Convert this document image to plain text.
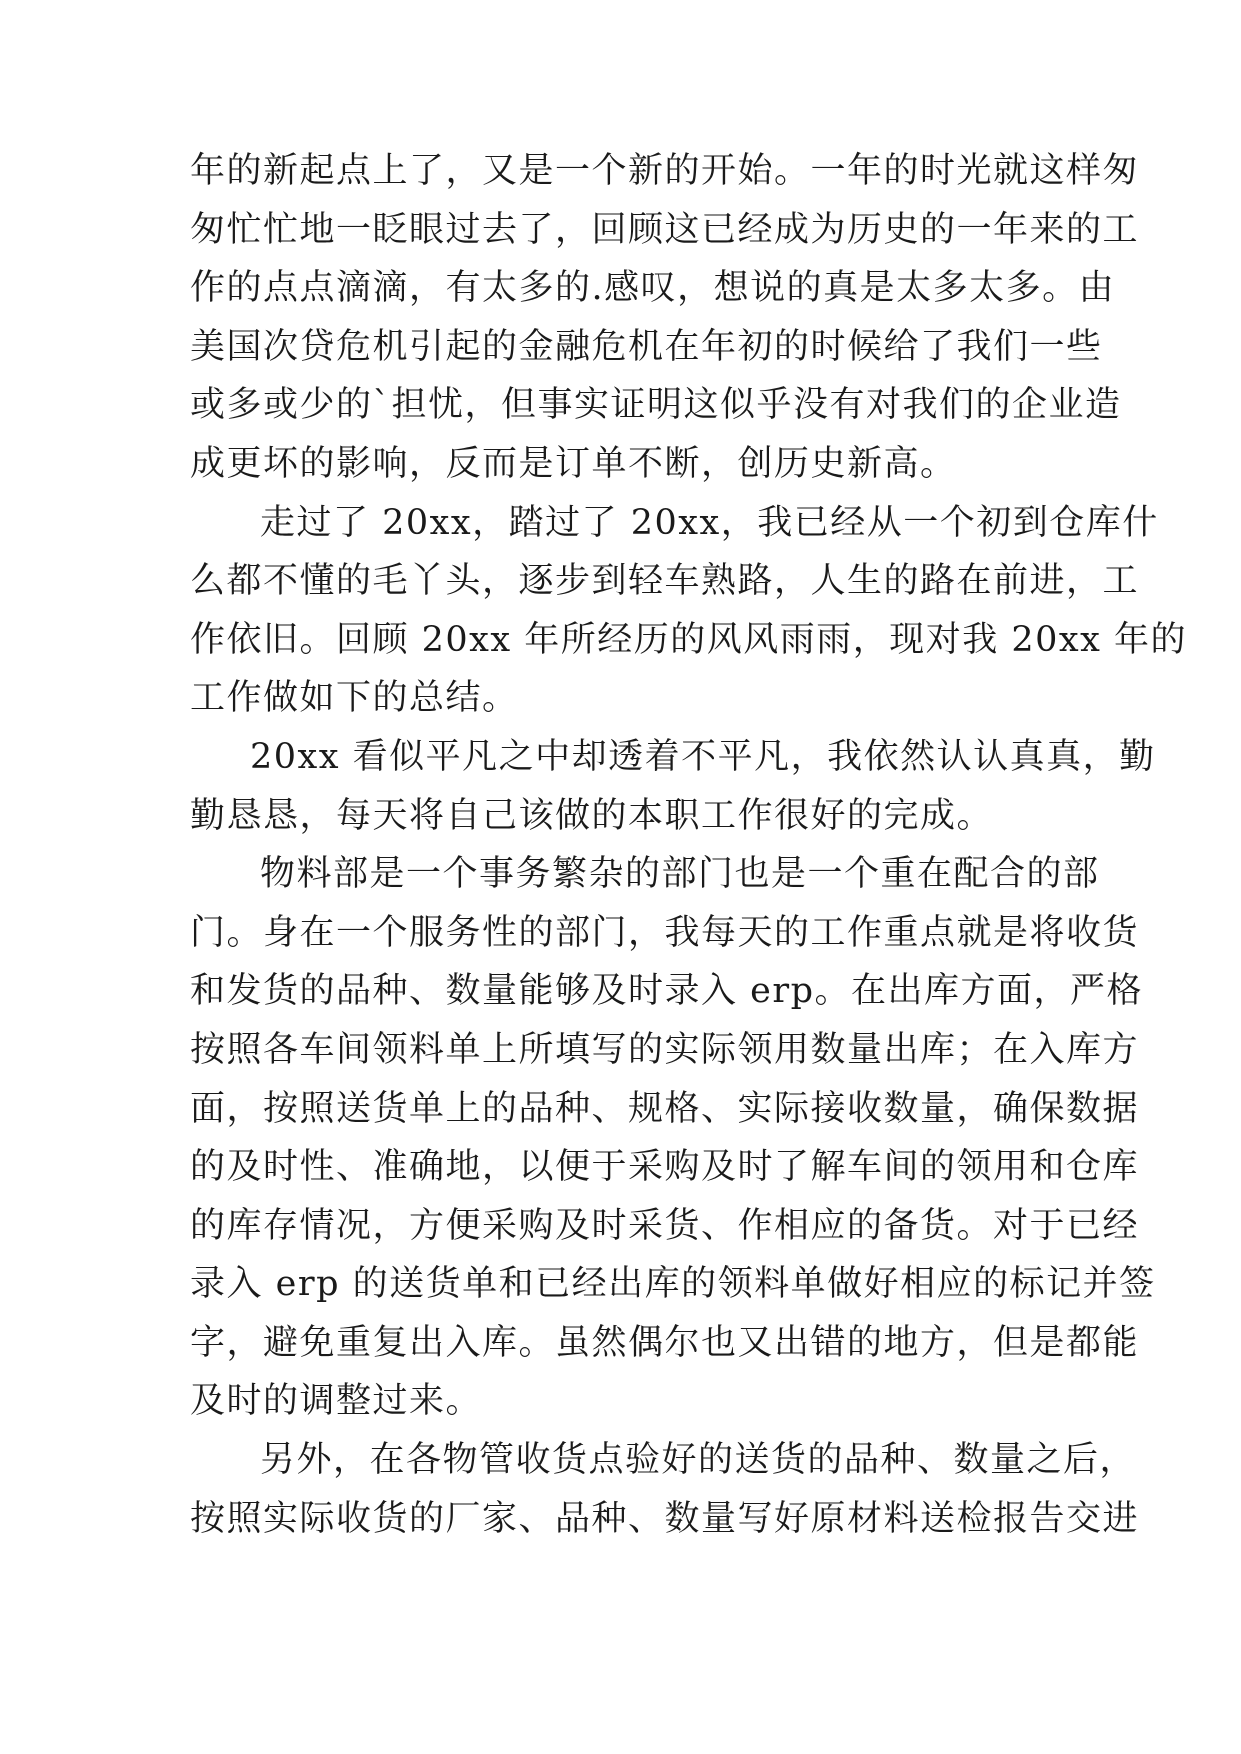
年的新起点上了，又是一个新的开始。一年的时光就这样匆
匆忙忙地一眨眼过去了，回顾这已经成为历史的一年来的工
作的点点滴滴，有太多的.感叹，想说的真是太多太多。由
美国次贷危机引起的金融危机在年初的时候给了我们一些
或多或少的`担忧，但事实证明这似乎没有对我们的企业造
成更坏的影响，反而是订单不断，创历史新高。
走过了 20xx，踏过了 20xx，我已经从一个初到仓库什
么都不懂的毛丫头，逐步到轻车熟路，人生的路在前进，工
作依旧。回顾 20xx 年所经历的风风雨雨，现对我 20xx 年的
工作做如下的总结。
20xx 看似平凡之中却透着不平凡，我依然认认真真，勤
勤恳恳，每天将自己该做的本职工作很好的完成。
物料部是一个事务繁杂的部门也是一个重在配合的部
门。身在一个服务性的部门，我每天的工作重点就是将收货
和发货的品种、数量能够及时录入 erp。在出库方面，严格
按照各车间领料单上所填写的实际领用数量出库；在入库方
面，按照送货单上的品种、规格、实际接收数量，确保数据
的及时性、准确地，以便于采购及时了解车间的领用和仓库
的库存情况，方便采购及时采货、作相应的备货。对于已经
录入 erp 的送货单和已经出库的领料单做好相应的标记并签
字，避免重复出入库。虽然偶尔也又出错的地方，但是都能
及时的调整过来。
另外，在各物管收货点验好的送货的品种、数量之后，
按照实际收货的厂家、品种、数量写好原材料送检报告交进
